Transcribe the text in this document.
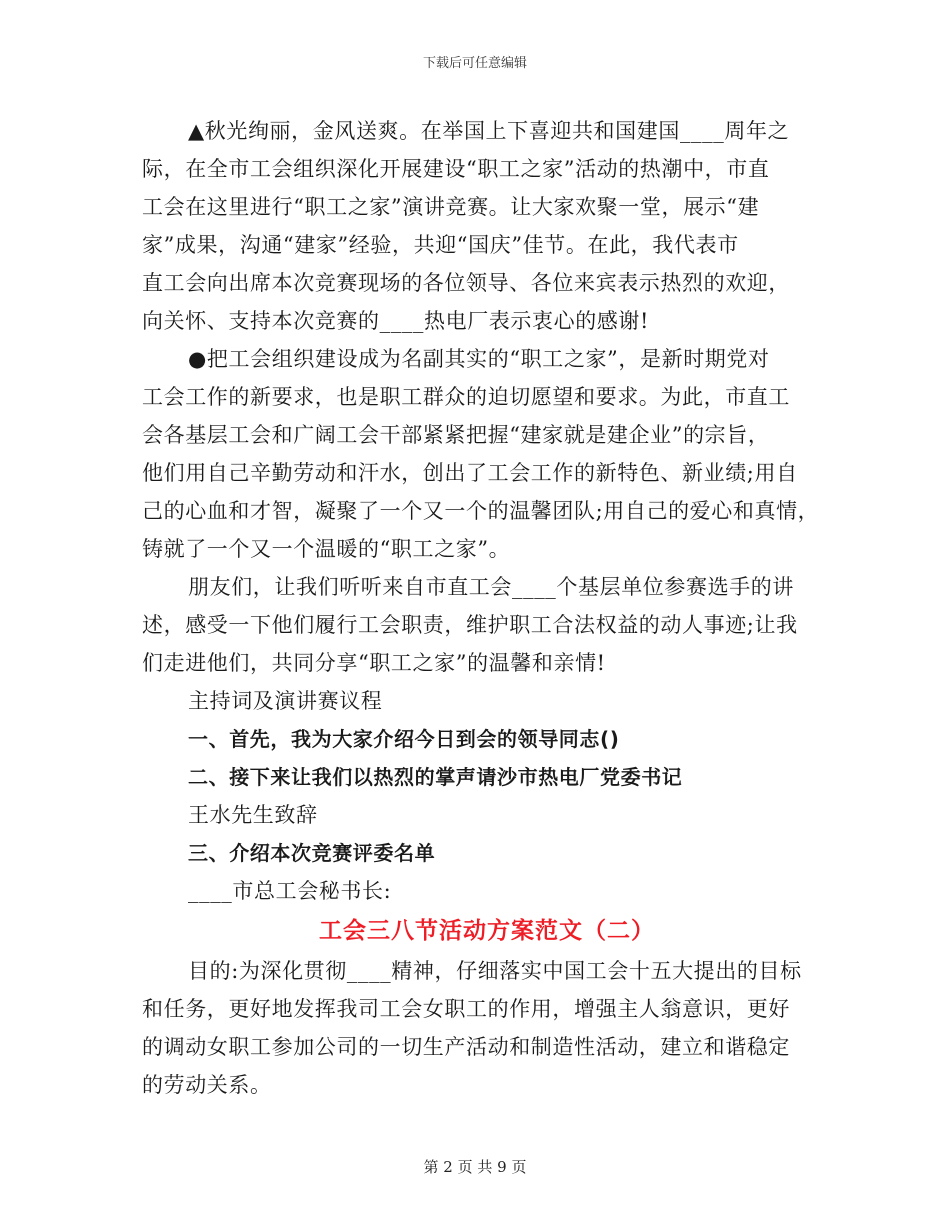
下载后可任意编辑
▲秋光绚丽，金风送爽。在举国上下喜迎共和国建国____周年之
际，在全市工会组织深化开展建设“职工之家”活动的热潮中，市直
工会在这里进行“职工之家”演讲竞赛。让大家欢聚一堂，展示“建
家”成果，沟通“建家”经验，共迎“国庆”佳节。在此，我代表市
直工会向出席本次竞赛现场的各位领导、各位来宾表示热烈的欢迎，
向关怀、支持本次竞赛的____热电厂表示衷心的感谢!
●把工会组织建设成为名副其实的“职工之家”，是新时期党对
工会工作的新要求，也是职工群众的迫切愿望和要求。为此，市直工
会各基层工会和广阔工会干部紧紧把握“建家就是建企业”的宗旨，
他们用自己辛勤劳动和汗水，创出了工会工作的新特色、新业绩;用自
己的心血和才智，凝聚了一个又一个的温馨团队;用自己的爱心和真情，
铸就了一个又一个温暖的“职工之家”。
朋友们，让我们听听来自市直工会____个基层单位参赛选手的讲
述，感受一下他们履行工会职责，维护职工合法权益的动人事迹;让我
们走进他们，共同分享“职工之家”的温馨和亲情!
主持词及演讲赛议程
一、首先，我为大家介绍今日到会的领导同志()
二、接下来让我们以热烈的掌声请沙市热电厂党委书记
王水先生致辞
三、介绍本次竞赛评委名单
____市总工会秘书长:
工会三八节活动方案范文（二）
目的:为深化贯彻____精神，仔细落实中国工会十五大提出的目标
和任务，更好地发挥我司工会女职工的作用，增强主人翁意识，更好
的调动女职工参加公司的一切生产活动和制造性活动，建立和谐稳定
的劳动关系。
第 2 页 共 9 页
